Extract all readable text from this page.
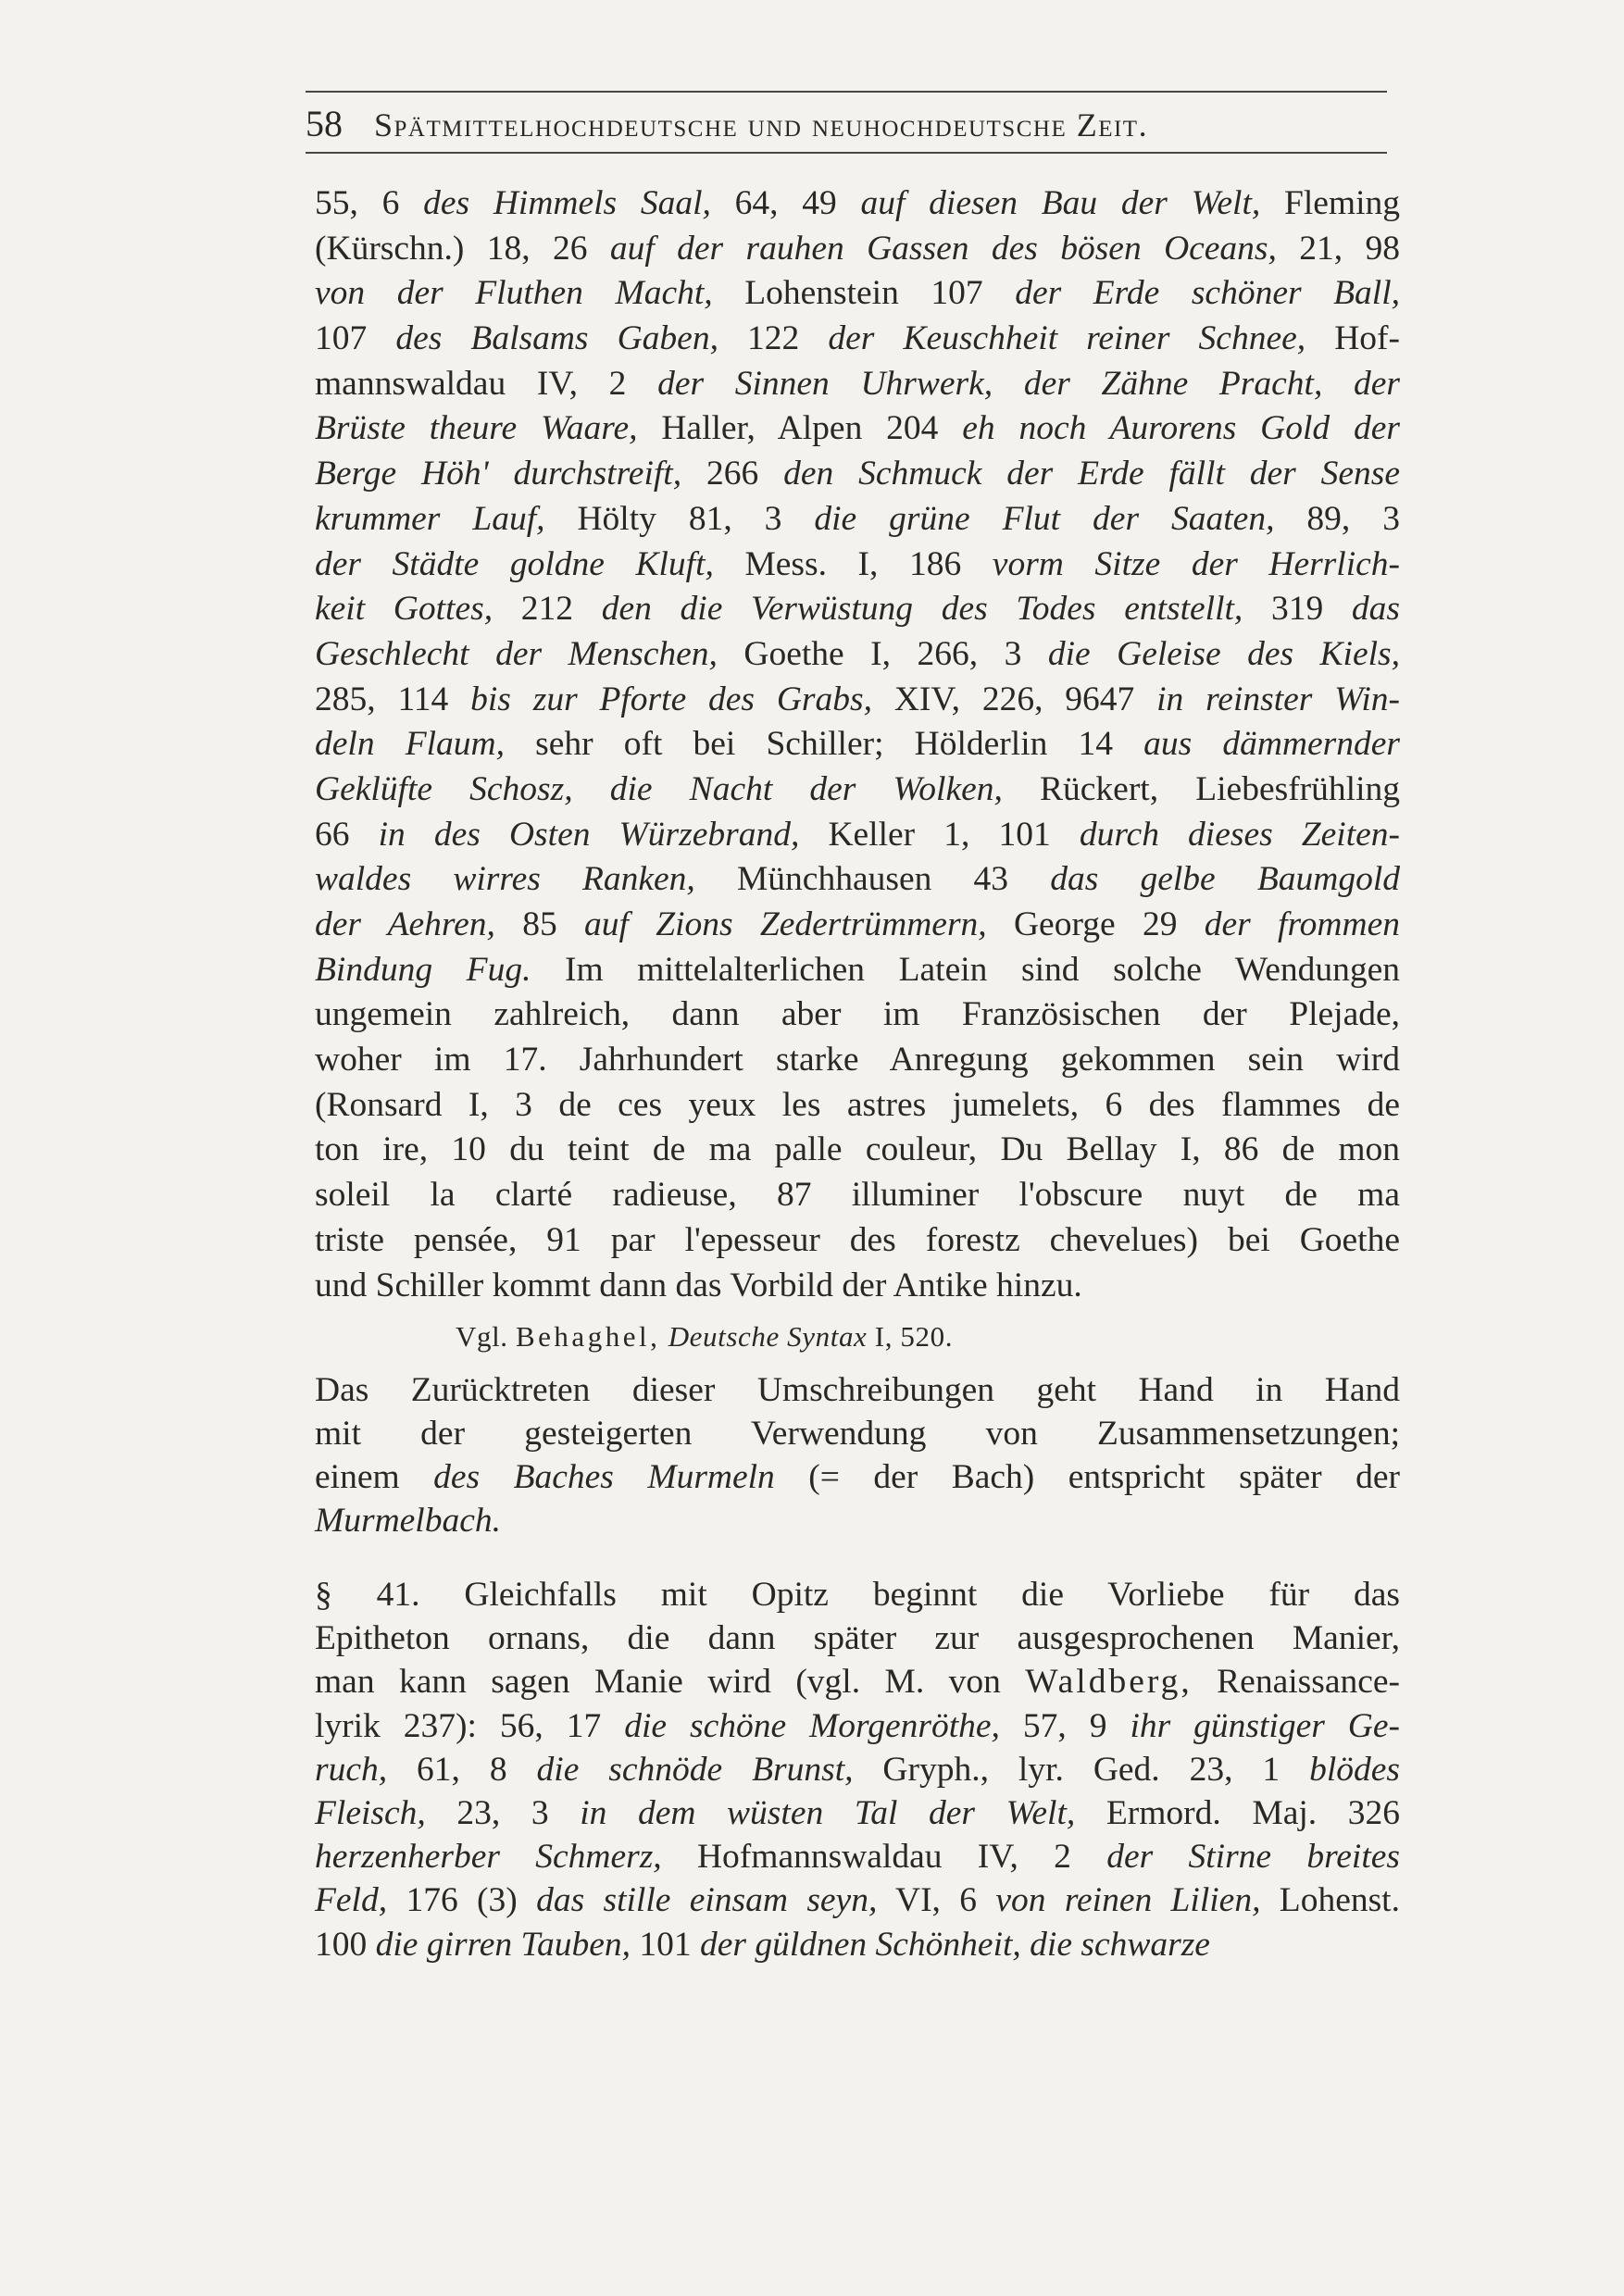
58 Spätmittelhochdeutsche und neuhochdeutsche Zeit.
55, 6 des Himmels Saal, 64, 49 auf diesen Bau der Welt, Fleming
(Kürschn.) 18, 26 auf der rauhen Gassen des bösen Oceans, 21, 98
von der Fluthen Macht, Lohenstein 107 der Erde schöner Ball,
107 des Balsams Gaben, 122 der Keuschheit reiner Schnee, Hof-
mannswaldau IV, 2 der Sinnen Uhrwerk, der Zähne Pracht, der
Brüste theure Waare, Haller, Alpen 204 eh noch Aurorens Gold der
Berge Höh' durchstreift, 266 den Schmuck der Erde fällt der Sense
krummer Lauf, Hölty 81, 3 die grüne Flut der Saaten, 89, 3
der Städte goldne Kluft, Mess. I, 186 vorm Sitze der Herrlich-
keit Gottes, 212 den die Verwüstung des Todes entstellt, 319 das
Geschlecht der Menschen, Goethe I, 266, 3 die Geleise des Kiels,
285, 114 bis zur Pforte des Grabs, XIV, 226, 9647 in reinster Win-
deln Flaum, sehr oft bei Schiller; Hölderlin 14 aus dämmernder
Geklüfte Schosz, die Nacht der Wolken, Rückert, Liebesfrühling
66 in des Osten Würzebrand, Keller 1, 101 durch dieses Zeiten-
waldes wirres Ranken, Münchhausen 43 das gelbe Baumgold
der Aehren, 85 auf Zions Zedertrümmern, George 29 der frommen
Bindung Fug. Im mittelalterlichen Latein sind solche Wendungen
ungemein zahlreich, dann aber im Französischen der Plejade,
woher im 17. Jahrhundert starke Anregung gekommen sein wird
(Ronsard I, 3 de ces yeux les astres jumelets, 6 des flammes de
ton ire, 10 du teint de ma palle couleur, Du Bellay I, 86 de mon
soleil la clarté radieuse, 87 illuminer l'obscure nuyt de ma
triste pensée, 91 par l'epesseur des forestz chevelues) bei Goethe
und Schiller kommt dann das Vorbild der Antike hinzu.
Vgl. Behaghel, Deutsche Syntax I, 520.
Das Zurücktreten dieser Umschreibungen geht Hand in Hand
mit der gesteigerten Verwendung von Zusammensetzungen;
einem des Baches Murmeln (= der Bach) entspricht später der
Murmelbach.
§ 41. Gleichfalls mit Opitz beginnt die Vorliebe für das
Epitheton ornans, die dann später zur ausgesprochenen Manier,
man kann sagen Manie wird (vgl. M. von Waldberg, Renaissance-
lyrik 237): 56, 17 die schöne Morgenröthe, 57, 9 ihr günstiger Ge-
ruch, 61, 8 die schnöde Brunst, Gryph., lyr. Ged. 23, 1 blödes
Fleisch, 23, 3 in dem wüsten Tal der Welt, Ermord. Maj. 326
herzenherber Schmerz, Hofmannswaldau IV, 2 der Stirne breites
Feld, 176 (3) das stille einsam seyn, VI, 6 von reinen Lilien, Lohenst.
100 die girren Tauben, 101 der güldnen Schönheit, die schwarze
